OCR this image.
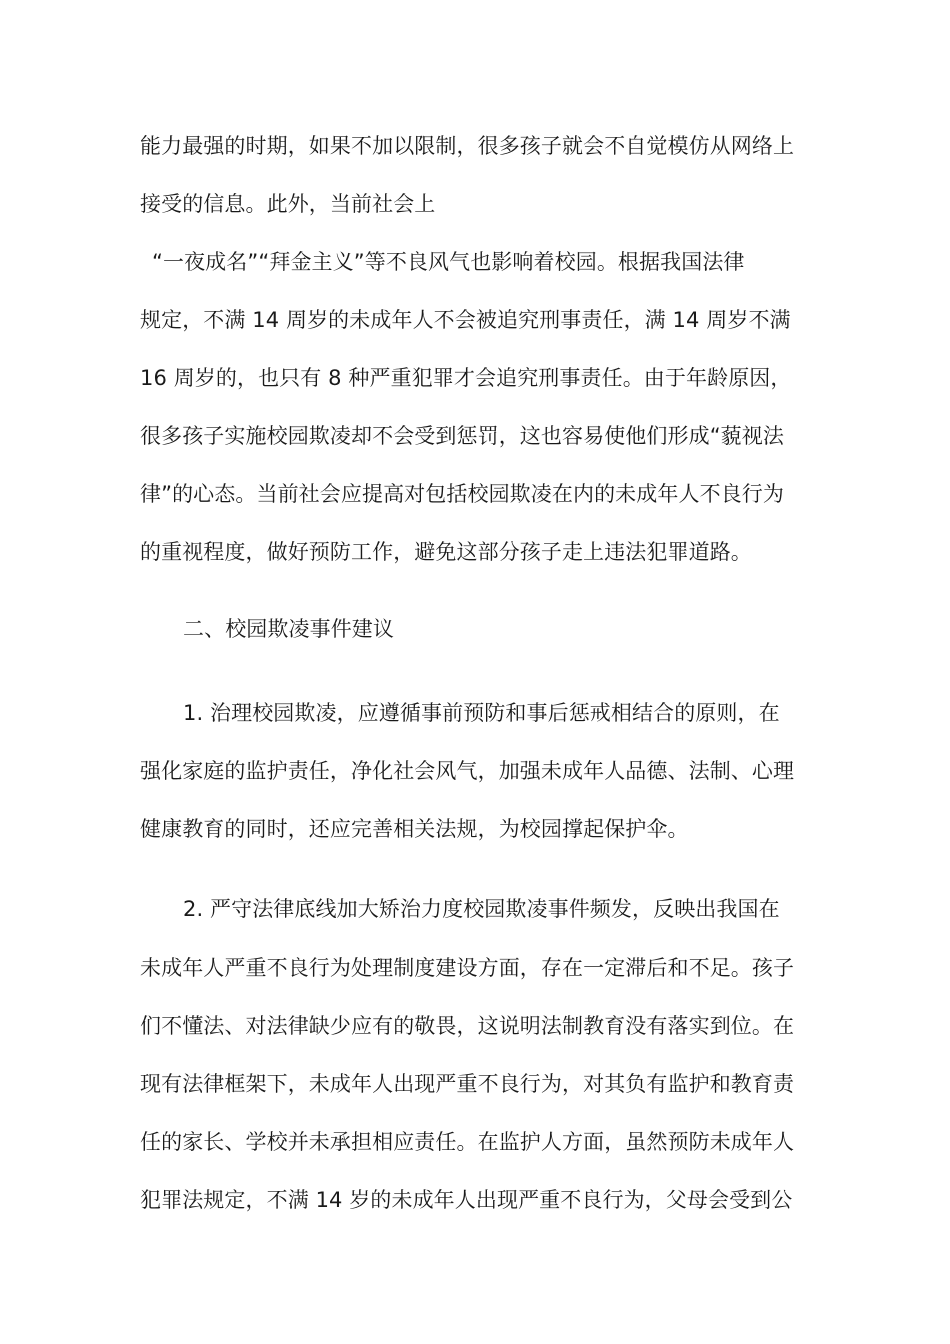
能力最强的时期，如果不加以限制，很多孩子就会不自觉模仿从网络上
接受的信息。此外，当前社会上
“一夜成名”“拜金主义”等不良风气也影响着校园。根据我国法律
规定，不满 14 周岁的未成年人不会被追究刑事责任，满 14 周岁不满
16 周岁的，也只有 8 种严重犯罪才会追究刑事责任。由于年龄原因，
很多孩子实施校园欺凌却不会受到惩罚，这也容易使他们形成“藐视法
律”的心态。当前社会应提高对包括校园欺凌在内的未成年人不良行为
的重视程度，做好预防工作，避免这部分孩子走上违法犯罪道路。
二、校园欺凌事件建议
1. 治理校园欺凌，应遵循事前预防和事后惩戒相结合的原则，在
强化家庭的监护责任，净化社会风气，加强未成年人品德、法制、心理
健康教育的同时，还应完善相关法规，为校园撑起保护伞。
2. 严守法律底线加大矫治力度校园欺凌事件频发，反映出我国在
未成年人严重不良行为处理制度建设方面，存在一定滞后和不足。孩子
们不懂法、对法律缺少应有的敬畏，这说明法制教育没有落实到位。在
现有法律框架下，未成年人出现严重不良行为，对其负有监护和教育责
任的家长、学校并未承担相应责任。在监护人方面，虽然预防未成年人
犯罪法规定，不满 14 岁的未成年人出现严重不良行为，父母会受到公
